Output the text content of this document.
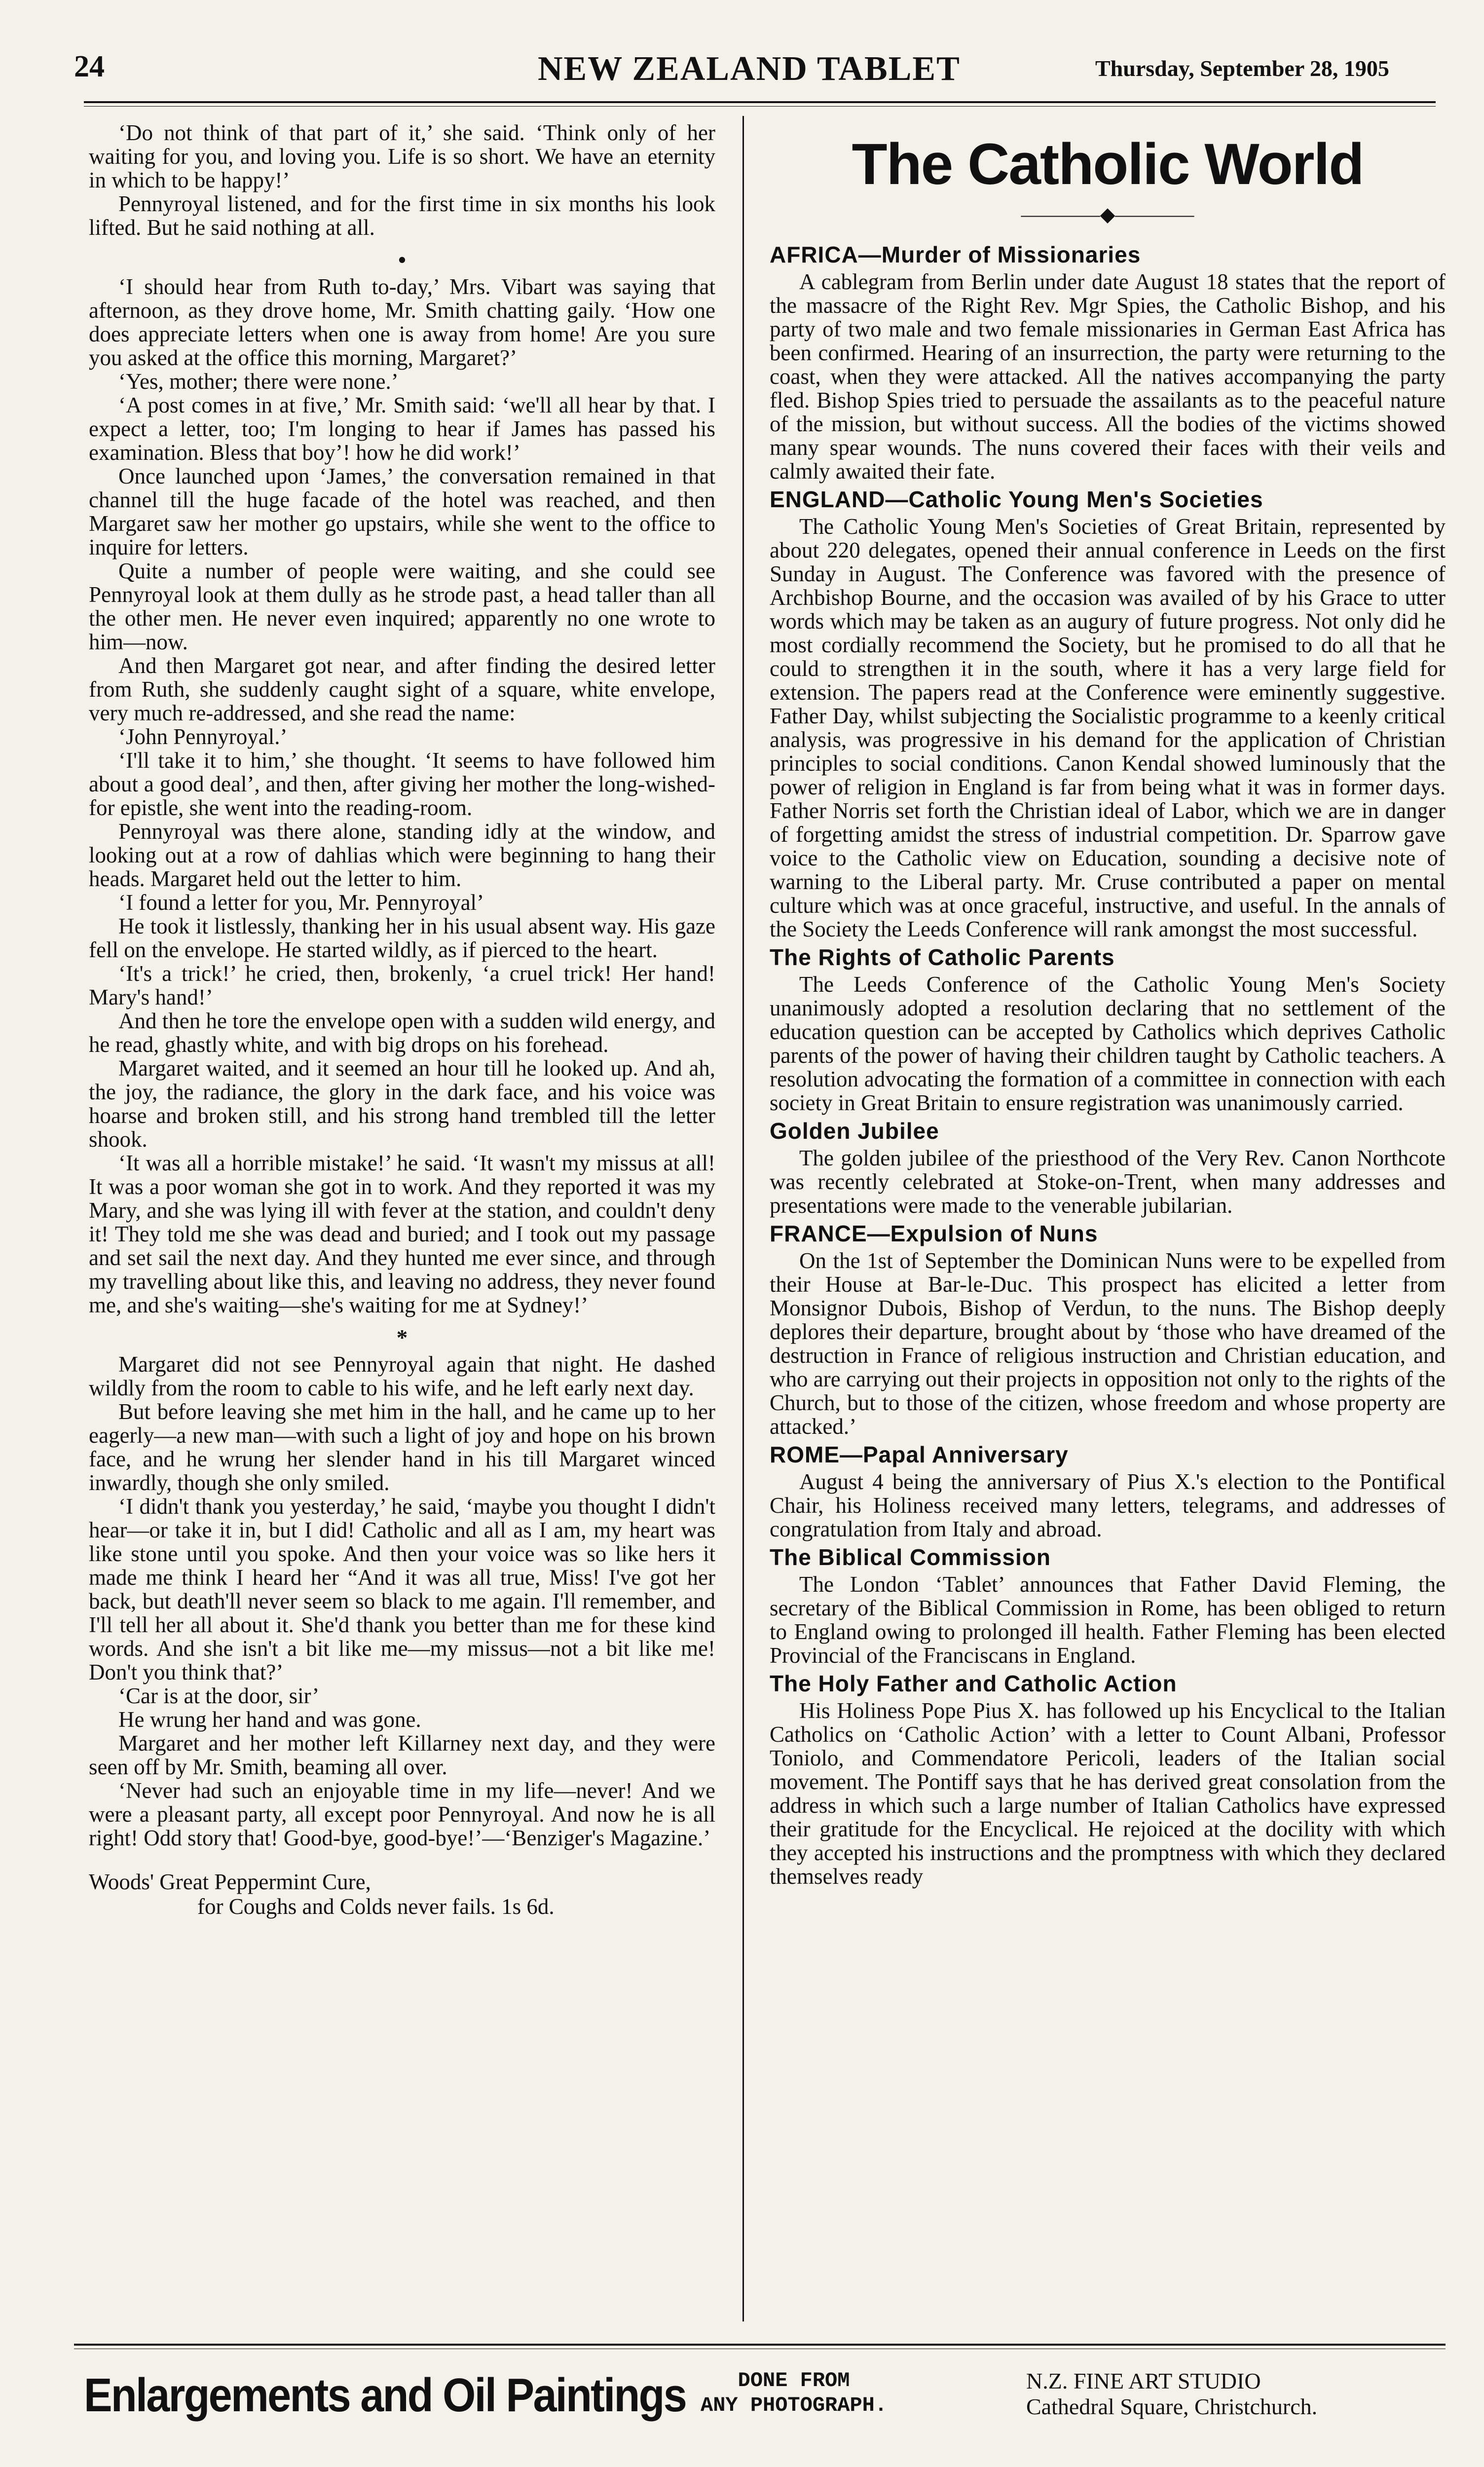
24	NEW ZEALAND TABLET	Thursday, September 28, 1905

‘Do not think of that part of it,’ she said. ‘Think only of her waiting for you, and loving you. Life is so short. We have an eternity in which to be happy!’

Pennyroyal listened, and for the first time in six months his look lifted. But he said nothing at all.

•

‘I should hear from Ruth to-day,’ Mrs. Vibart was saying that afternoon, as they drove home, Mr. Smith chatting gaily. ‘How one does appreciate letters when one is away from home! Are you sure you asked at the office this morning, Margaret?’

‘Yes, mother; there were none.’

‘A post comes in at five,’ Mr. Smith said: ‘we'll all hear by that. I expect a letter, too; I'm longing to hear if James has passed his examination. Bless that boy’! how he did work!’

Once launched upon ‘James,’ the conversation remained in that channel till the huge facade of the hotel was reached, and then Margaret saw her mother go upstairs, while she went to the office to inquire for letters.

Quite a number of people were waiting, and she could see Pennyroyal look at them dully as he strode past, a head taller than all the other men. He never even inquired; apparently no one wrote to him—now.

And then Margaret got near, and after finding the desired letter from Ruth, she suddenly caught sight of a square, white envelope, very much re-addressed, and she read the name:

‘John Pennyroyal.’

‘I'll take it to him,’ she thought. ‘It seems to have followed him about a good deal’, and then, after giving her mother the long-wished-for epistle, she went into the reading-room.

Pennyroyal was there alone, standing idly at the window, and looking out at a row of dahlias which were beginning to hang their heads. Margaret held out the letter to him.

‘I found a letter for you, Mr. Pennyroyal’

He took it listlessly, thanking her in his usual absent way. His gaze fell on the envelope. He started wildly, as if pierced to the heart.

‘It's a trick!’ he cried, then, brokenly, ‘a cruel trick! Her hand! Mary's hand!’

And then he tore the envelope open with a sudden wild energy, and he read, ghastly white, and with big drops on his forehead.

Margaret waited, and it seemed an hour till he looked up. And ah, the joy, the radiance, the glory in the dark face, and his voice was hoarse and broken still, and his strong hand trembled till the letter shook.

‘It was all a horrible mistake!’ he said. ‘It wasn't my missus at all! It was a poor woman she got in to work. And they reported it was my Mary, and she was lying ill with fever at the station, and couldn't deny it! They told me she was dead and buried; and I took out my passage and set sail the next day. And they hunted me ever since, and through my travelling about like this, and leaving no address, they never found me, and she's waiting—she's waiting for me at Sydney!’

*

Margaret did not see Pennyroyal again that night. He dashed wildly from the room to cable to his wife, and he left early next day.

But before leaving she met him in the hall, and he came up to her eagerly—a new man—with such a light of joy and hope on his brown face, and he wrung her slender hand in his till Margaret winced inwardly, though she only smiled.

‘I didn't thank you yesterday,’ he said, ‘maybe you thought I didn't hear—or take it in, but I did! Catholic and all as I am, my heart was like stone until you spoke. And then your voice was so like hers it made me think I heard her “And it was all true, Miss! I've got her back, but death'll never seem so black to me again. I'll remember, and I'll tell her all about it. She'd thank you better than me for these kind words. And she isn't a bit like me—my missus—not a bit like me! Don't you think that?’

‘Car is at the door, sir’

He wrung her hand and was gone.

Margaret and her mother left Killarney next day, and they were seen off by Mr. Smith, beaming all over.

‘Never had such an enjoyable time in my life—never! And we were a pleasant party, all except poor Pennyroyal. And now he is all right! Odd story that! Good-bye, good-bye!’—‘Benziger's Magazine.’

Woods' Great Peppermint Cure,
for Coughs and Colds never fails. 1s 6d.
The Catholic World
————◆————
AFRICA—Murder of Missionaries

A cablegram from Berlin under date August 18 states that the report of the massacre of the Right Rev. Mgr Spies, the Catholic Bishop, and his party of two male and two female missionaries in German East Africa has been confirmed. Hearing of an insurrection, the party were returning to the coast, when they were attacked. All the natives accompanying the party fled. Bishop Spies tried to persuade the assailants as to the peaceful nature of the mission, but without success. All the bodies of the victims showed many spear wounds. The nuns covered their faces with their veils and calmly awaited their fate.

ENGLAND—Catholic Young Men's Societies

The Catholic Young Men's Societies of Great Britain, represented by about 220 delegates, opened their annual conference in Leeds on the first Sunday in August. The Conference was favored with the presence of Archbishop Bourne, and the occasion was availed of by his Grace to utter words which may be taken as an augury of future progress. Not only did he most cordially recommend the Society, but he promised to do all that he could to strengthen it in the south, where it has a very large field for extension. The papers read at the Conference were eminently suggestive. Father Day, whilst subjecting the Socialistic programme to a keenly critical analysis, was progressive in his demand for the application of Christian principles to social conditions. Canon Kendal showed luminously that the power of religion in England is far from being what it was in former days. Father Norris set forth the Christian ideal of Labor, which we are in danger of forgetting amidst the stress of industrial competition. Dr. Sparrow gave voice to the Catholic view on Education, sounding a decisive note of warning to the Liberal party. Mr. Cruse contributed a paper on mental culture which was at once graceful, instructive, and useful. In the annals of the Society the Leeds Conference will rank amongst the most successful.

The Rights of Catholic Parents

The Leeds Conference of the Catholic Young Men's Society unanimously adopted a resolution declaring that no settlement of the education question can be accepted by Catholics which deprives Catholic parents of the power of having their children taught by Catholic teachers. A resolution advocating the formation of a committee in connection with each society in Great Britain to ensure registration was unanimously carried.

Golden Jubilee

The golden jubilee of the priesthood of the Very Rev. Canon Northcote was recently celebrated at Stoke-on-Trent, when many addresses and presentations were made to the venerable jubilarian.

FRANCE—Expulsion of Nuns

On the 1st of September the Dominican Nuns were to be expelled from their House at Bar-le-Duc. This prospect has elicited a letter from Monsignor Dubois, Bishop of Verdun, to the nuns. The Bishop deeply deplores their departure, brought about by ‘those who have dreamed of the destruction in France of religious instruction and Christian education, and who are carrying out their projects in opposition not only to the rights of the Church, but to those of the citizen, whose freedom and whose property are attacked.’

ROME—Papal Anniversary

August 4 being the anniversary of Pius X.'s election to the Pontifical Chair, his Holiness received many letters, telegrams, and addresses of congratulation from Italy and abroad.

The Biblical Commission

The London ‘Tablet’ announces that Father David Fleming, the secretary of the Biblical Commission in Rome, has been obliged to return to England owing to prolonged ill health. Father Fleming has been elected Provincial of the Franciscans in England.

The Holy Father and Catholic Action

His Holiness Pope Pius X. has followed up his Encyclical to the Italian Catholics on ‘Catholic Action’ with a letter to Count Albani, Professor Toniolo, and Commendatore Pericoli, leaders of the Italian social movement. The Pontiff says that he has derived great consolation from the address in which such a large number of Italian Catholics have expressed their gratitude for the Encyclical. He rejoiced at the docility with which they accepted his instructions and the promptness with which they declared themselves ready

Enlargements and Oil Paintings	DONE FROM
ANY PHOTOGRAPH.
N.Z. FINE ART STUDIO
Cathedral Square, Christchurch.
